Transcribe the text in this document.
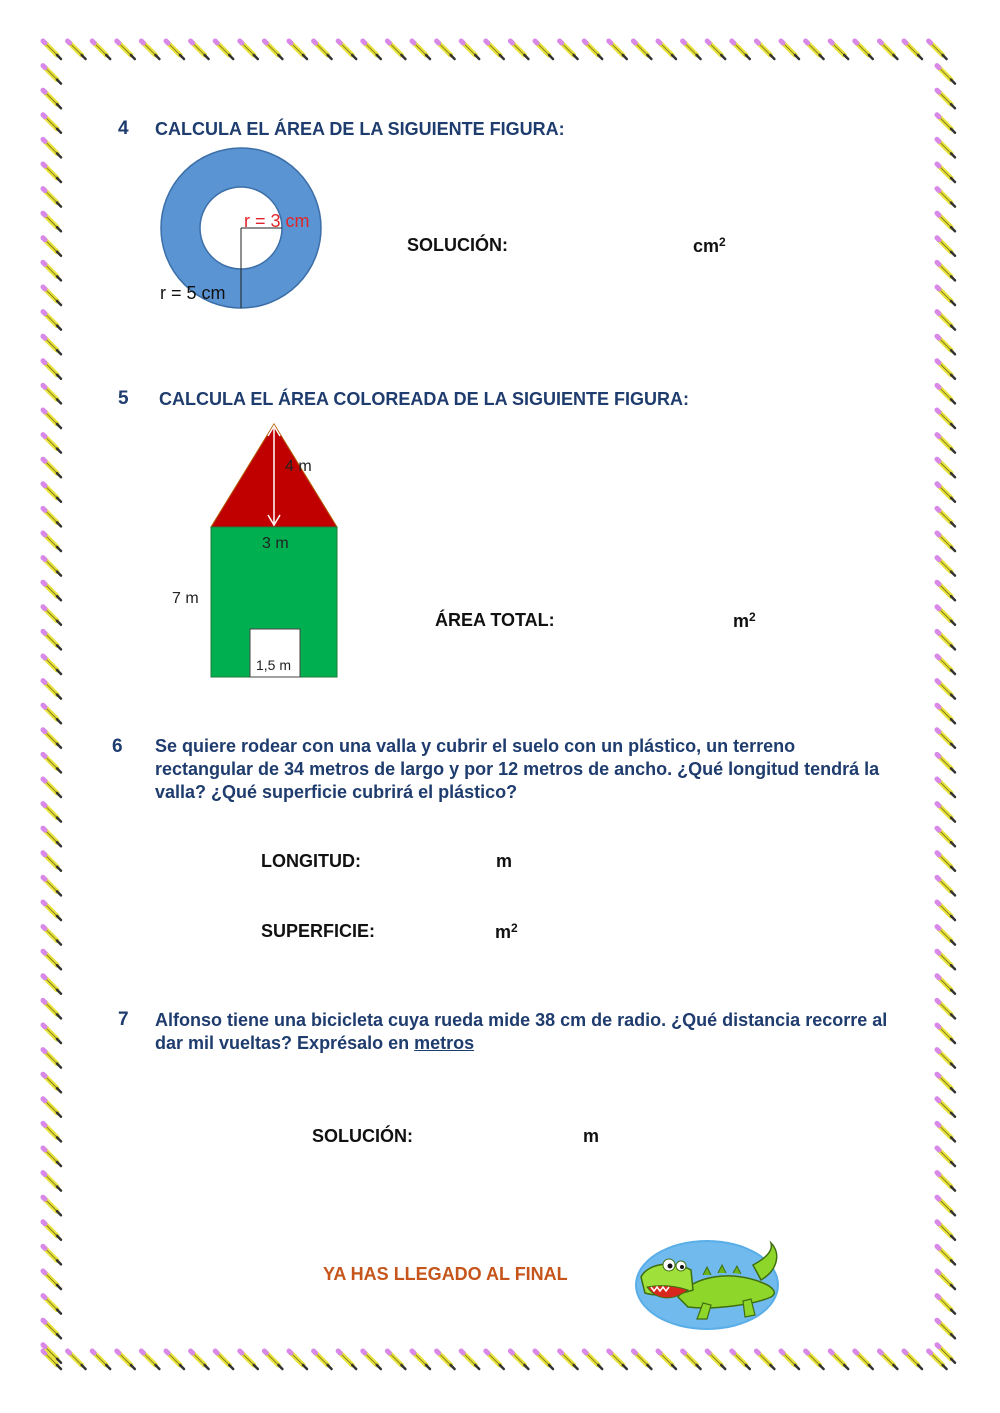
4 CALCULA EL ÁREA DE LA SIGUIENTE FIGURA:
r = 3 cm
r = 5 cm
SOLUCIÓN:	$cm^2$
5 CALCULA EL ÁREA COLOREADA DE LA SIGUIENTE FIGURA:
4 m
3 m
7 m
1,5 m
ÁREA TOTAL:	$m^2$
6 Se quiere rodear con una valla y cubrir el suelo con un plástico, un terreno rectangular de 34 metros de largo y por 12 metros de ancho. ¿Qué longitud tendrá la valla? ¿Qué superficie cubrirá el plástico?
LONGITUD:	m
SUPERFICIE:	$m^2$
7 Alfonso tiene una bicicleta cuya rueda mide 38 cm de radio. ¿Qué distancia recorre al dar mil vueltas? Exprésalo en metros
SOLUCIÓN:	m
YA HAS LLEGADO AL FINAL
